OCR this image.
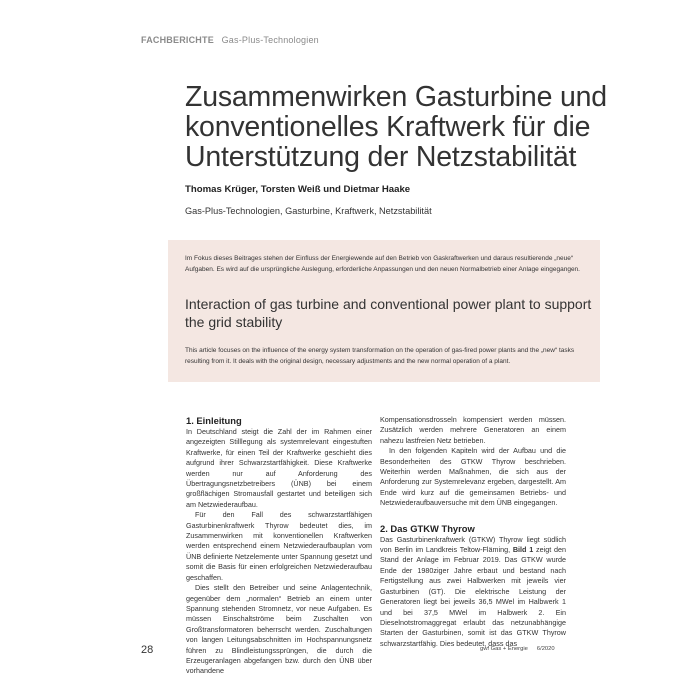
FACHBERICHTE Gas-Plus-Technologien
Zusammenwirken Gasturbine und konventionelles Kraftwerk für die Unterstützung der Netzstabilität
Thomas Krüger, Torsten Weiß und Dietmar Haake
Gas-Plus-Technologien, Gasturbine, Kraftwerk, Netzstabilität

Im Fokus dieses Beitrages stehen der Einfluss der Energiewende auf den Betrieb von Gaskraftwerken und daraus resultierende „neue“ Aufgaben. Es wird auf die ursprüngliche Auslegung, erforderliche Anpassungen und den neuen Normalbetrieb einer Anlage eingegangen.

Interaction of gas turbine and conventional power plant to support the grid stability

This article focuses on the influence of the energy system transformation on the operation of gas-fired power plants and the „new“ tasks resulting from it. It deals with the original design, necessary adjustments and the new normal operation of a plant.

1. Einleitung

In Deutschland steigt die Zahl der im Rahmen einer angezeigten Stilllegung als systemrelevant eingestuften Kraftwerke, für einen Teil der Kraftwerke geschieht dies aufgrund ihrer Schwarzstartfähigkeit. Diese Kraftwerke werden nur auf Anforderung des Übertragungsnetzbetreibers (ÜNB) bei einem großflächigen Stromausfall gestartet und beteiligen sich am Netzwiederaufbau.

Für den Fall des schwarzstartfähigen Gasturbinenkraftwerk Thyrow bedeutet dies, im Zusammenwirken mit konventionellen Kraftwerken werden entsprechend einem Netzwiederaufbauplan vom ÜNB definierte Netzelemente unter Spannung gesetzt und somit die Basis für einen erfolgreichen Netzwiederaufbau geschaffen.

Dies stellt den Betreiber und seine Anlagentechnik, gegenüber dem „normalen“ Betrieb an einem unter Spannung stehenden Stromnetz, vor neue Aufgaben. Es müssen Einschaltströme beim Zuschalten von Großtransformatoren beherrscht werden. Zuschaltungen von langen Leitungsabschnitten im Hochspannungsnetz führen zu Blindleistungssprüngen, die durch die Erzeugeranlagen abgefangen bzw. durch den ÜNB über vorhandene

Kompensationsdrosseln kompensiert werden müssen. Zusätzlich werden mehrere Generatoren an einem nahezu lastfreien Netz betrieben.

In den folgenden Kapiteln wird der Aufbau und die Besonderheiten des GTKW Thyrow beschrieben. Weiterhin werden Maßnahmen, die sich aus der Anforderung zur Systemrelevanz ergeben, dargestellt. Am Ende wird kurz auf die gemeinsamen Betriebs- und Netzwiederaufbauversuche mit dem ÜNB eingegangen.

2. Das GTKW Thyrow

Das Gasturbinenkraftwerk (GTKW) Thyrow liegt südlich von Berlin im Landkreis Teltow-Fläming, Bild 1 zeigt den Stand der Anlage im Februar 2019. Das GTKW wurde Ende der 1980ziger Jahre erbaut und bestand nach Fertigstellung aus zwei Halbwerken mit jeweils vier Gasturbinen (GT). Die elektrische Leistung der Generatoren liegt bei jeweils 36,5 MWel im Halbwerk 1 und bei 37,5 MWel im Halbwerk 2. Ein Dieselnotstromaggregat erlaubt das netzunabhängige Starten der Gasturbinen, somit ist das GTKW Thyrow schwarzstartfähig. Dies bedeutet, dass das

28	gwf Gas + Energie 6/2020
